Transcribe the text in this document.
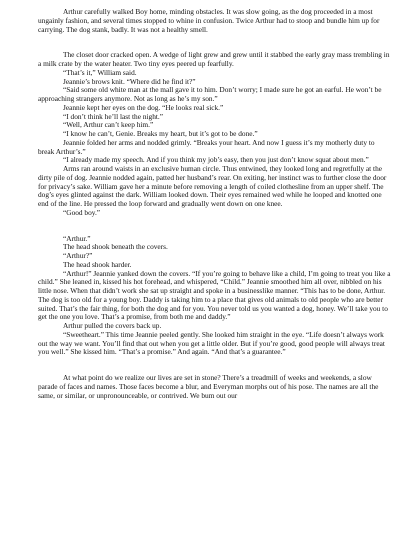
Arthur carefully walked Boy home, minding obstacles. It was slow going, as the dog proceeded in a most ungainly fashion, and several times stopped to whine in confusion. Twice Arthur had to stoop and bundle him up for carrying. The dog stank, badly. It was not a healthy smell.

The closet door cracked open. A wedge of light grew and grew until it stabbed the early gray mass trembling in a milk crate by the water heater. Two tiny eyes peered up fearfully.

“That’s it,” William said.

Jeannie’s brows knit. “Where did he find it?”

“Said some old white man at the mall gave it to him. Don’t worry; I made sure he got an earful. He won’t be approaching strangers anymore. Not as long as he’s my son.”

Jeannie kept her eyes on the dog. “He looks real sick.”

“I don’t think he’ll last the night.”

“Well, Arthur can’t keep him.”

“I know he can’t, Genie. Breaks my heart, but it’s got to be done.”

Jeannie folded her arms and nodded grimly. “Breaks your heart. And now I guess it’s my motherly duty to break Arthur’s.”

“I already made my speech. And if you think my job’s easy, then you just don’t know squat about men.”

Arms ran around waists in an exclusive human circle. Thus entwined, they looked long and regretfully at the dirty pile of dog. Jeannie nodded again, patted her husband’s rear. On exiting, her instinct was to further close the door for privacy’s sake. William gave her a minute before removing a length of coiled clothesline from an upper shelf. The dog’s eyes glinted against the dark. William looked down. Their eyes remained wed while he looped and knotted one end of the line. He pressed the loop forward and gradually went down on one knee.

“Good boy.”

“Arthur.”

The head shook beneath the covers.

“Arthur?”

The head shook harder.

“Arthur!” Jeannie yanked down the covers. “If you’re going to behave like a child, I’m going to treat you like a child.” She leaned in, kissed his hot forehead, and whispered, “Child.” Jeannie smoothed him all over, nibbled on his little nose. When that didn’t work she sat up straight and spoke in a businesslike manner. “This has to be done, Arthur. The dog is too old for a young boy. Daddy is taking him to a place that gives old animals to old people who are better suited. That’s the fair thing, for both the dog and for you. You never told us you wanted a dog, honey. We’ll take you to get the one you love. That’s a promise, from both me and daddy.”

Arthur pulled the covers back up.

“Sweetheart.” This time Jeannie peeled gently. She looked him straight in the eye. “Life doesn’t always work out the way we want. You’ll find that out when you get a little older. But if you’re good, good people will always treat you well.” She kissed him. “That’s a promise.” And again. “And that’s a guarantee.”

At what point do we realize our lives are set in stone? There’s a treadmill of weeks and weekends, a slow parade of faces and names. Those faces become a blur, and Everyman morphs out of his pose. The names are all the same, or similar, or unpronounceable, or contrived. We bum out our
